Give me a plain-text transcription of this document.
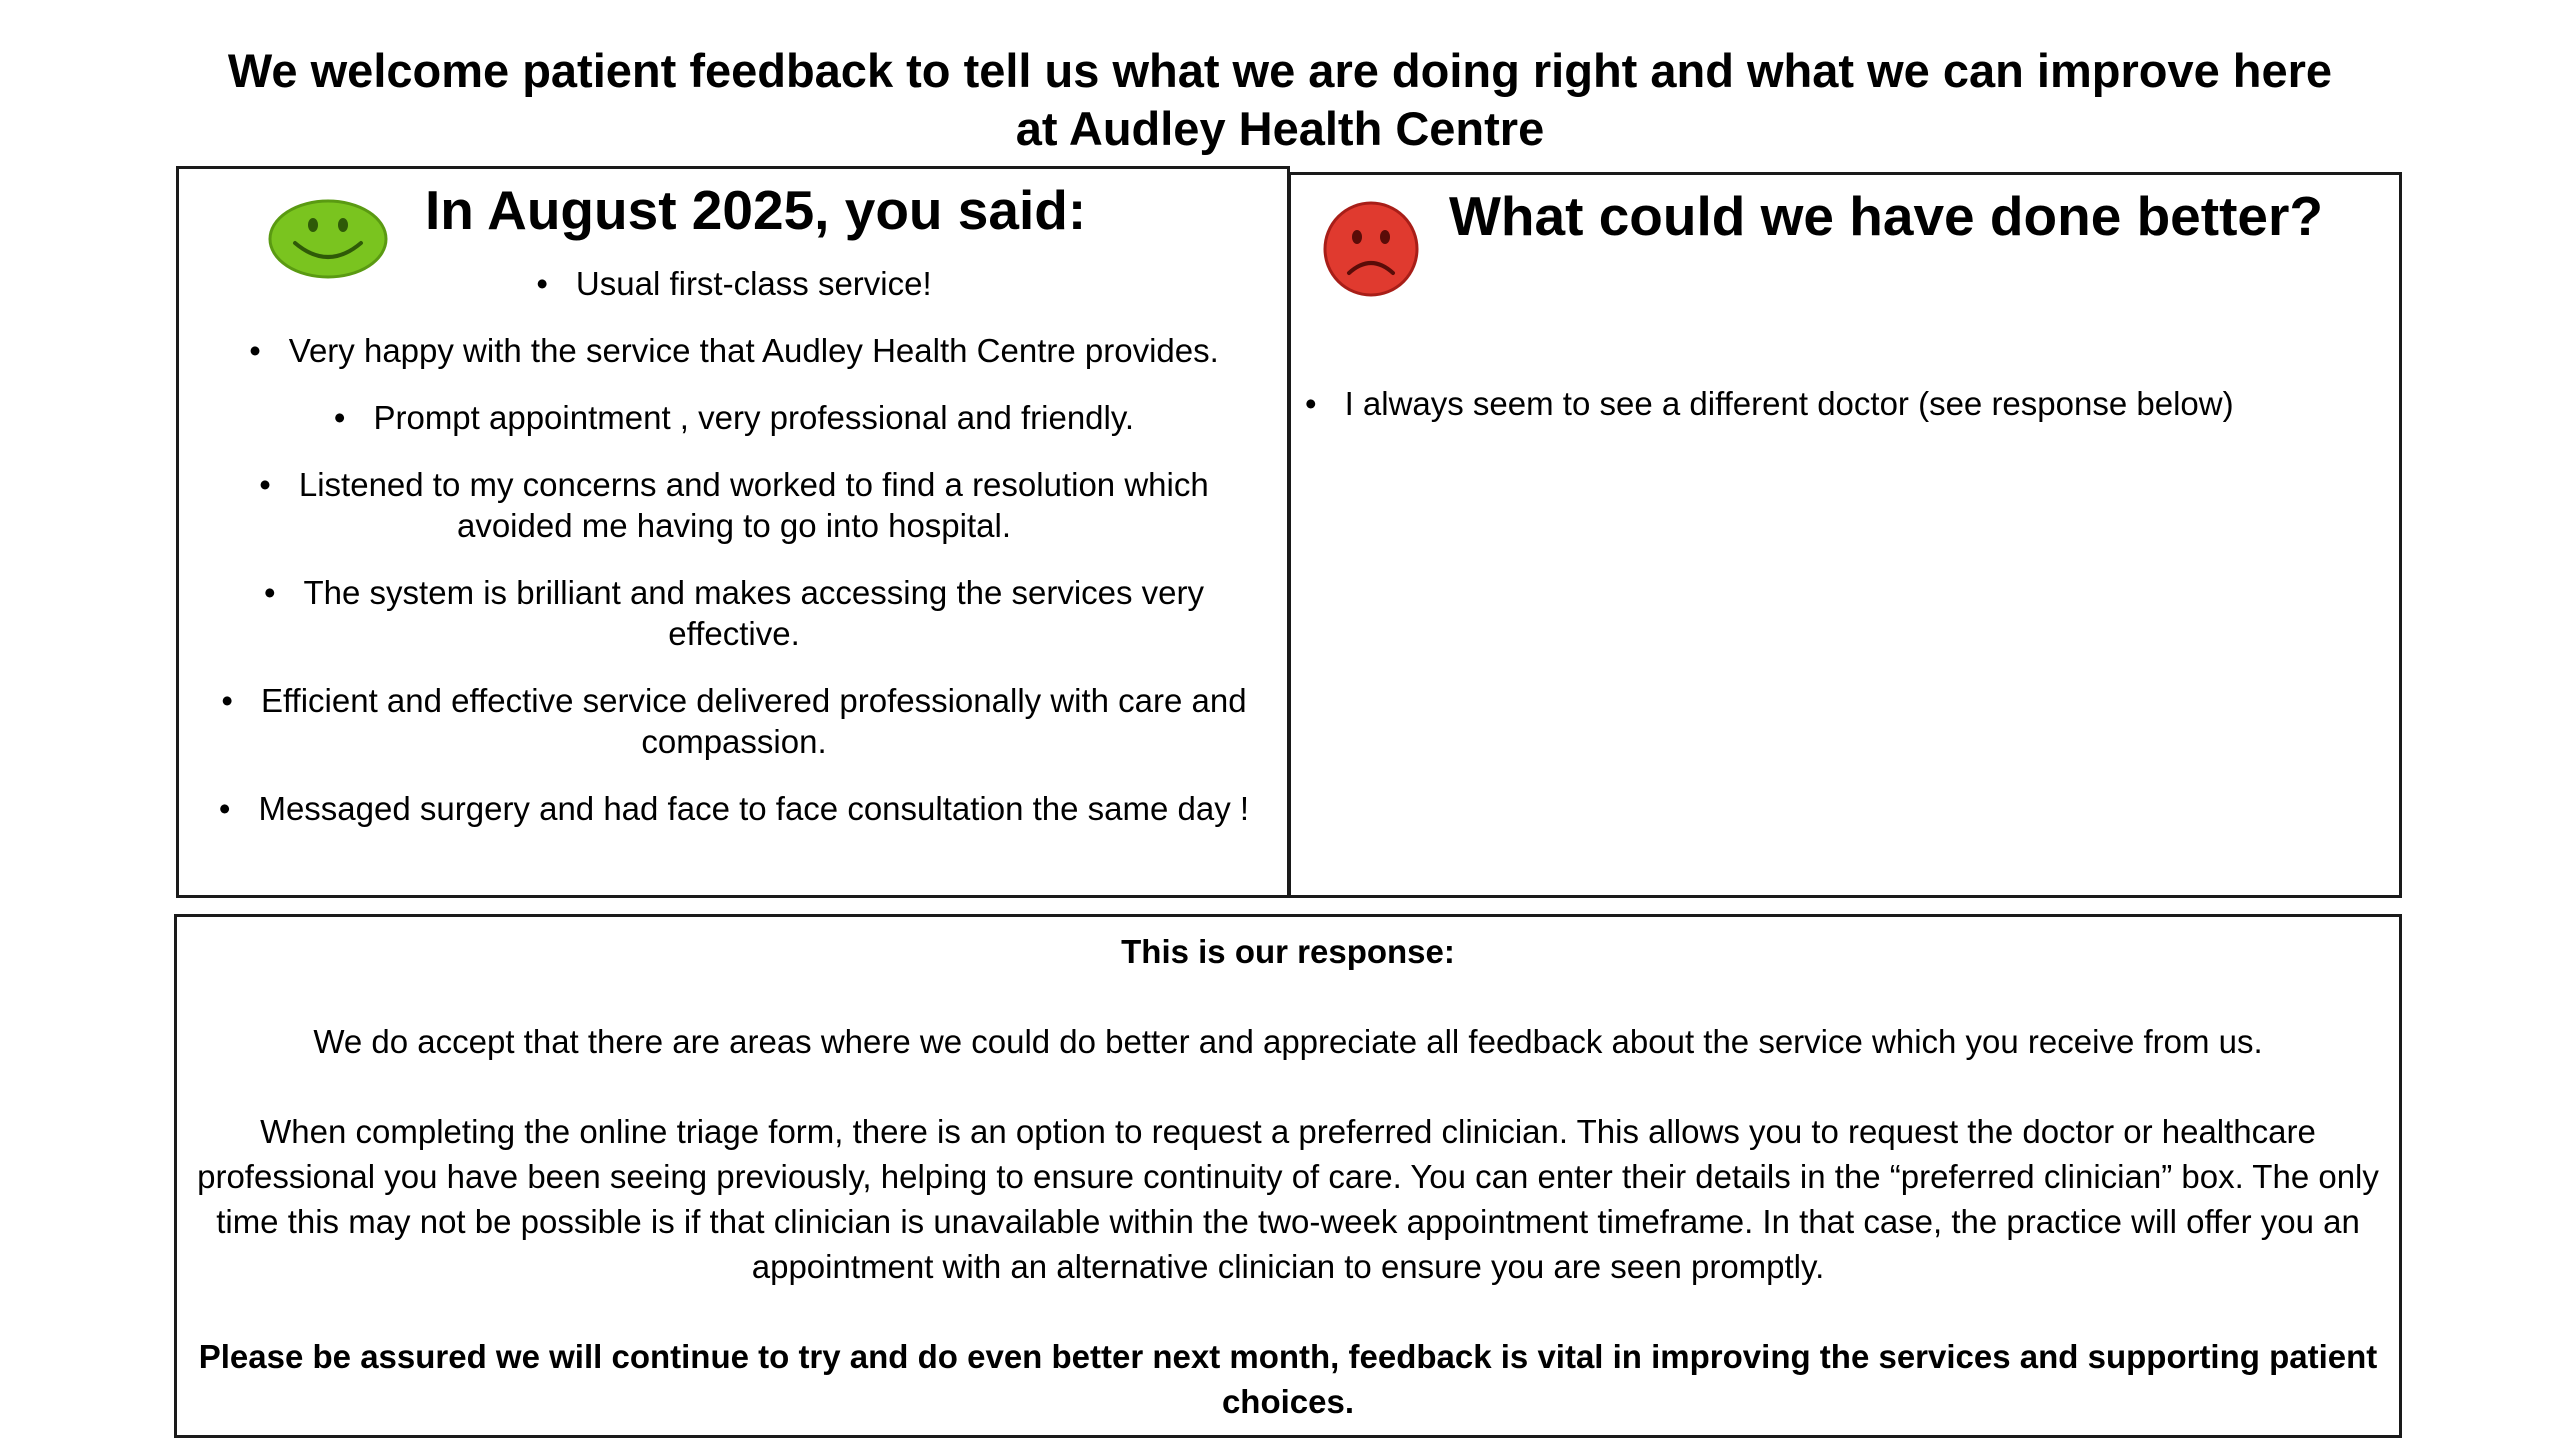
We welcome patient feedback to tell us what we are doing right and what we can improve here
at Audley Health Centre
In August 2025, you said:
• Usual first-class service!
• Very happy with the service that Audley Health Centre provides.
• Prompt appointment , very professional and friendly.
• Listened to my concerns and worked to find a resolution which avoided me having to go into hospital.
• The system is brilliant and makes accessing the services very effective.
• Efficient and effective service delivered professionally with care and compassion.
• Messaged surgery and had face to face consultation the same day !
What could we have done better?
• I always seem to see a different doctor (see response below)

This is our response:

We do accept that there are areas where we could do better and appreciate all feedback about the service which you receive from us.

When completing the online triage form, there is an option to request a preferred clinician. This allows you to request the doctor or healthcare professional you have been seeing previously, helping to ensure continuity of care. You can enter their details in the “preferred clinician” box. The only time this may not be possible is if that clinician is unavailable within the two-week appointment timeframe. In that case, the practice will offer you an appointment with an alternative clinician to ensure you are seen promptly.

Please be assured we will continue to try and do even better next month, feedback is vital in improving the services and supporting patient choices.
